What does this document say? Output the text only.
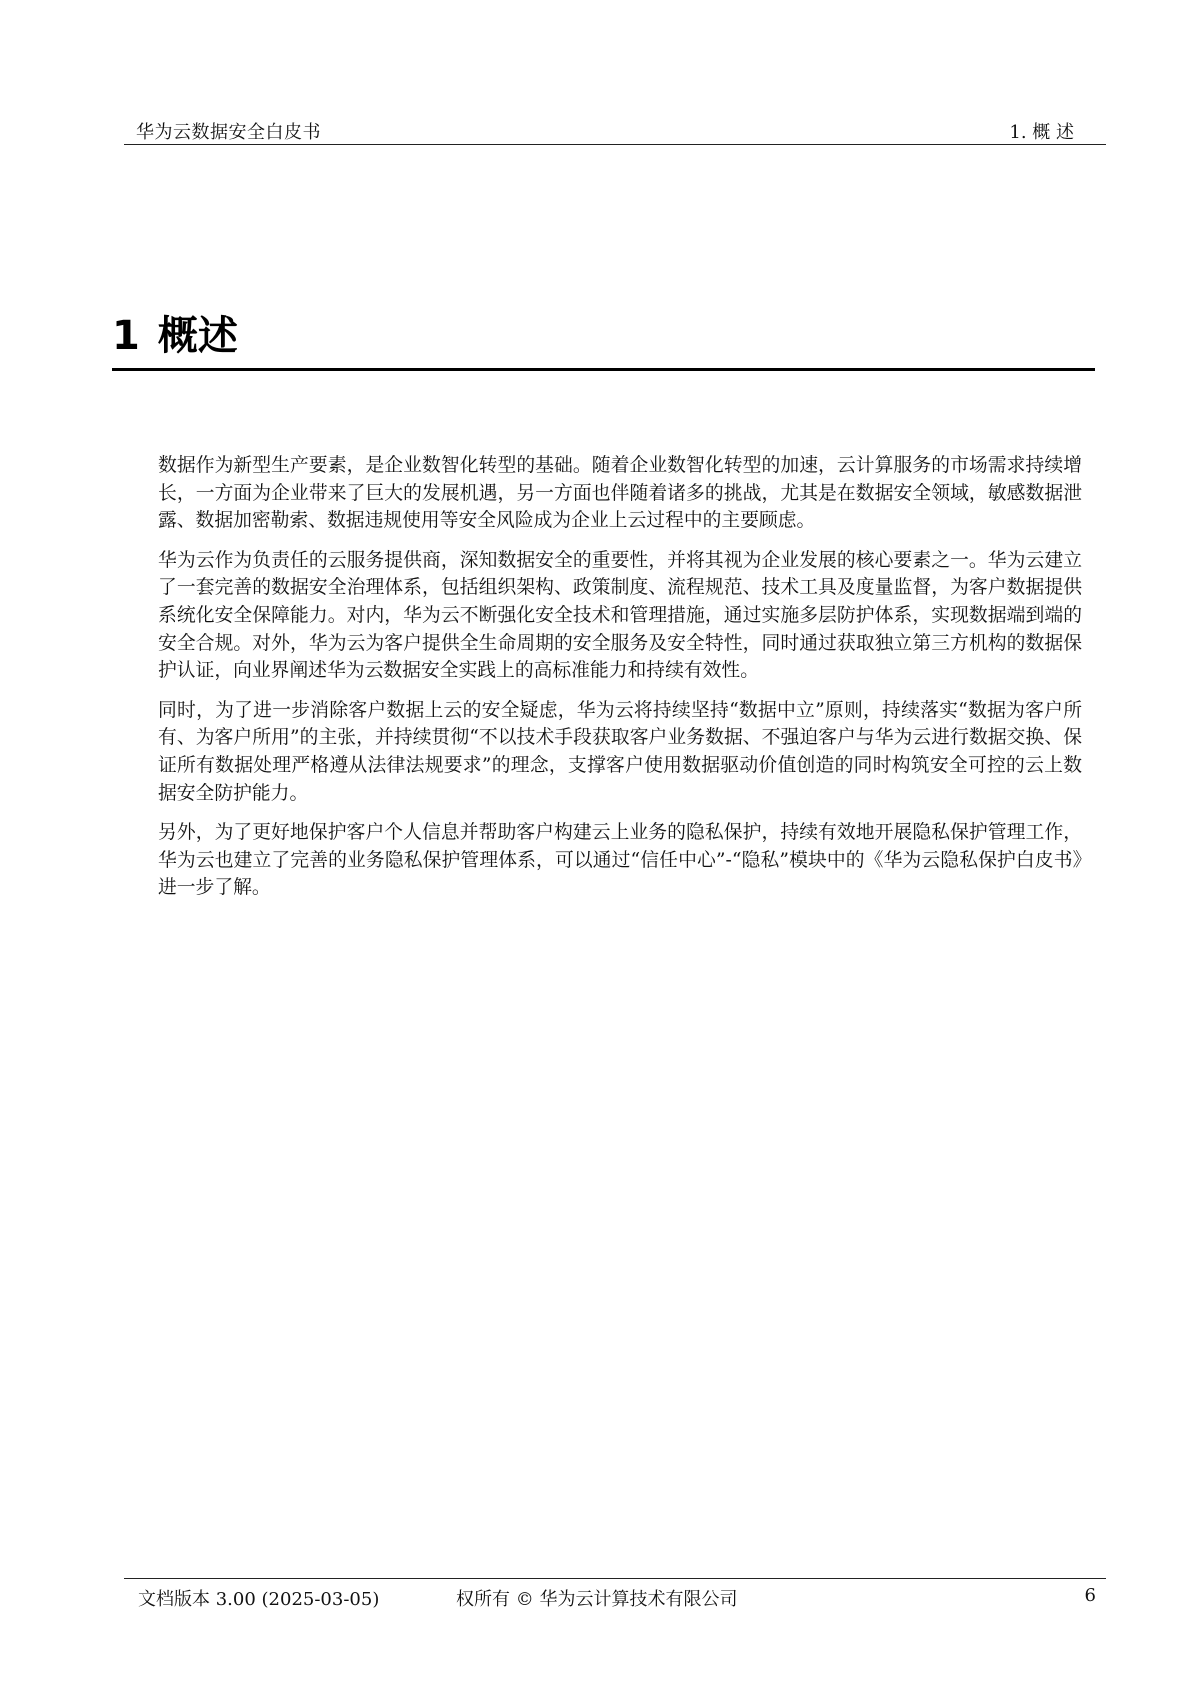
华为云数据安全白皮书	1. 概 述
1 概述

数据作为新型生产要素，是企业数智化转型的基础。随着企业数智化转型的加速，云计算服务的市场需求持续增长，一方面为企业带来了巨大的发展机遇，另一方面也伴随着诸多的挑战，尤其是在数据安全领域，敏感数据泄露、数据加密勒索、数据违规使用等安全风险成为企业上云过程中的主要顾虑。

华为云作为负责任的云服务提供商，深知数据安全的重要性，并将其视为企业发展的核心要素之一。华为云建立了一套完善的数据安全治理体系，包括组织架构、政策制度、流程规范、技术工具及度量监督，为客户数据提供系统化安全保障能力。对内，华为云不断强化安全技术和管理措施，通过实施多层防护体系，实现数据端到端的安全合规。对外，华为云为客户提供全生命周期的安全服务及安全特性，同时通过获取独立第三方机构的数据保护认证，向业界阐述华为云数据安全实践上的高标准能力和持续有效性。

同时，为了进一步消除客户数据上云的安全疑虑，华为云将持续坚持“数据中立”原则，持续落实“数据为客户所有、为客户所用”的主张，并持续贯彻“不以技术手段获取客户业务数据、不强迫客户与华为云进行数据交换、保证所有数据处理严格遵从法律法规要求”的理念，支撑客户使用数据驱动价值创造的同时构筑安全可控的云上数据安全防护能力。

另外，为了更好地保护客户个人信息并帮助客户构建云上业务的隐私保护，持续有效地开展隐私保护管理工作，华为云也建立了完善的业务隐私保护管理体系，可以通过“信任中心”-“隐私”模块中的《华为云隐私保护白皮书》进一步了解。

文档版本 3.00 (2025-03-05)	权所有 © 华为云计算技术有限公司	6
